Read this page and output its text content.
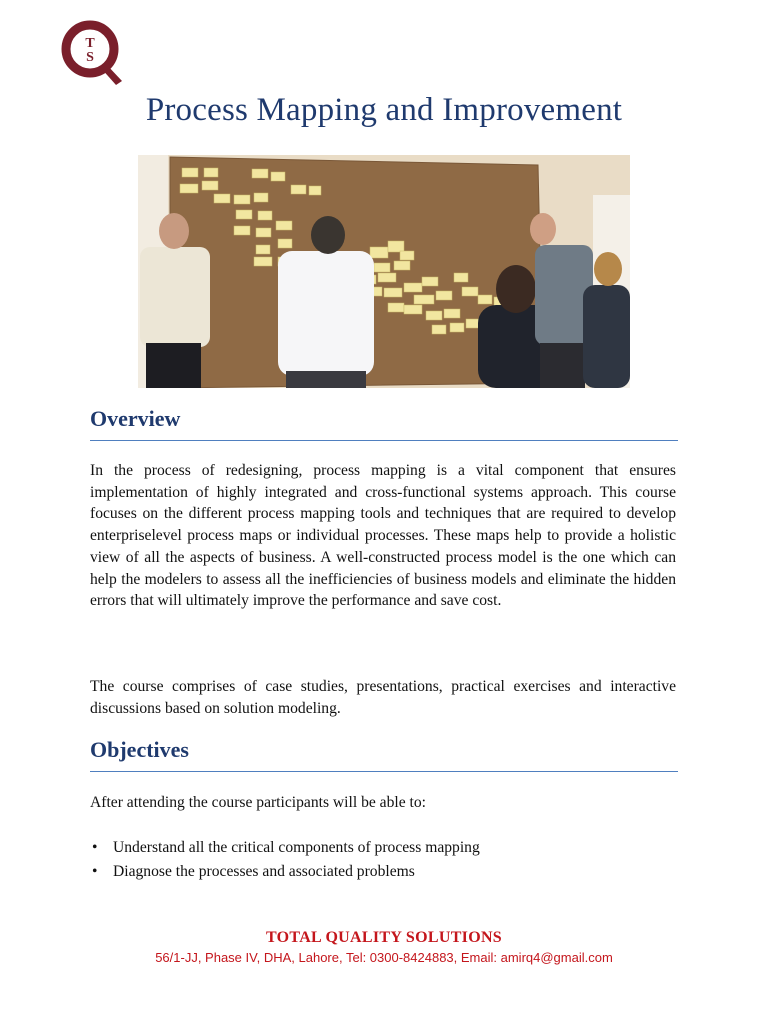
T
S
Process Mapping and Improvement
Overview

In the process of redesigning, process mapping is a vital component that ensures implementation of highly integrated and cross-functional systems approach. This course focuses on the different process mapping tools and techniques that are required to develop enterpriselevel process maps or individual processes. These maps help to provide a holistic view of all the aspects of business. A well-constructed process model is the one which can help the modelers to assess all the inefficiencies of business models and eliminate the hidden errors that will ultimately improve the performance and save cost.

The course comprises of case studies, presentations, practical exercises and interactive discussions based on solution modeling.

Objectives

After attending the course participants will be able to:

• Understand all the critical components of process mapping
• Diagnose the processes and associated problems
TOTAL QUALITY SOLUTIONS
56/1-JJ, Phase IV, DHA, Lahore, Tel: 0300-8424883, Email: amirq4@gmail.com
